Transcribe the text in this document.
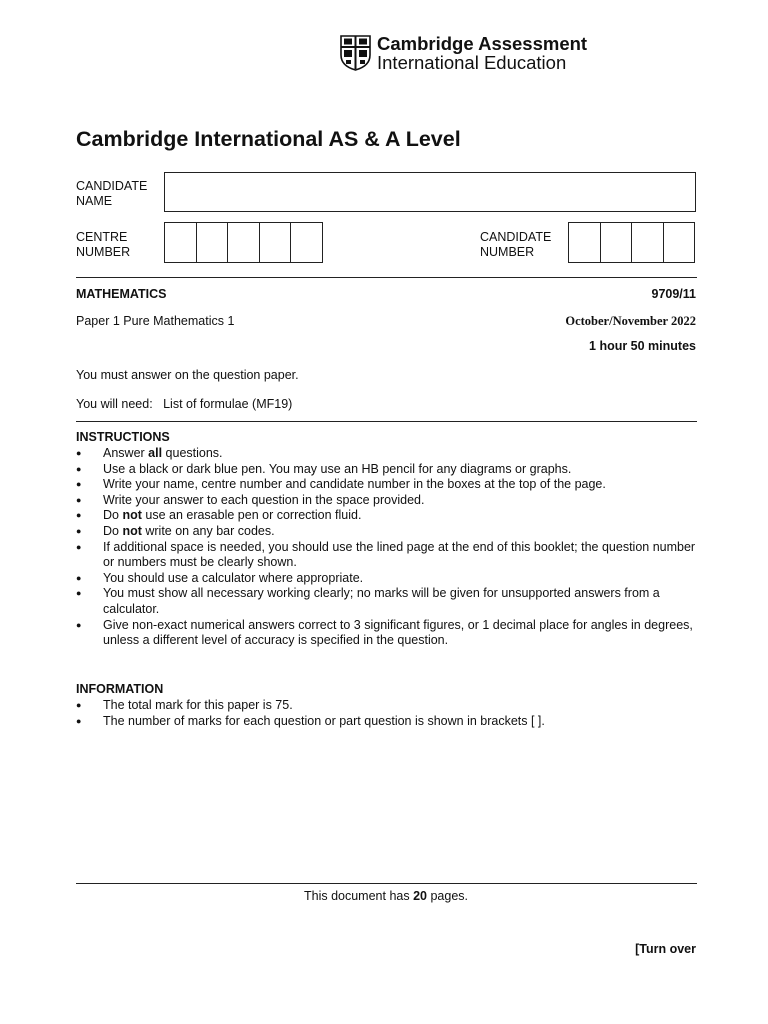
Cambridge Assessment
International Education
Cambridge International AS & A Level
CANDIDATE
NAME
CENTRE
NUMBER
CANDIDATE
NUMBER
MATHEMATICS	9709/11
Paper 1 Pure Mathematics 1	October/November 2022
1 hour 50 minutes
You must answer on the question paper.
You will need: List of formulae (MF19)
INSTRUCTIONS
● Answer all questions.
● Use a black or dark blue pen. You may use an HB pencil for any diagrams or graphs.
● Write your name, centre number and candidate number in the boxes at the top of the page.
● Write your answer to each question in the space provided.
● Do not use an erasable pen or correction fluid.
● Do not write on any bar codes.
● If additional space is needed, you should use the lined page at the end of this booklet; the question number or numbers must be clearly shown.
● You should use a calculator where appropriate.
● You must show all necessary working clearly; no marks will be given for unsupported answers from a calculator.
● Give non-exact numerical answers correct to 3 significant figures, or 1 decimal place for angles in degrees, unless a different level of accuracy is specified in the question.
INFORMATION
● The total mark for this paper is 75.
● The number of marks for each question or part question is shown in brackets [ ].
This document has 20 pages.
[Turn over
